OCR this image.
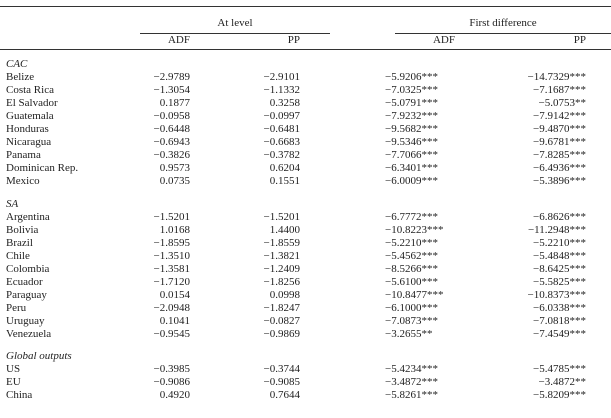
At level	First difference
ADF	PP	ADF	PP
CAC
Belize	−2.9789	−2.9101	−5.9206***	−14.7329***
Costa Rica	−1.3054	−1.1332	−7.0325***	−7.1687***
El Salvador	0.1877	0.3258	−5.0791***	−5.0753**
Guatemala	−0.0958	−0.0997	−7.9232***	−7.9142***
Honduras	−0.6448	−0.6481	−9.5682***	−9.4870***
Nicaragua	−0.6943	−0.6683	−9.5346***	−9.6781***
Panama	−0.3826	−0.3782	−7.7066***	−7.8285***
Dominican Rep.	0.9573	0.6204	−6.3401***	−6.4936***
Mexico	0.0735	0.1551	−6.0009***	−5.3896***
SA
Argentina	−1.5201	−1.5201	−6.7772***	−6.8626***
Bolivia	1.0168	1.4400	−10.8223***	−11.2948***
Brazil	−1.8595	−1.8559	−5.2210***	−5.2210***
Chile	−1.3510	−1.3821	−5.4562***	−5.4848***
Colombia	−1.3581	−1.2409	−8.5266***	−8.6425***
Ecuador	−1.7120	−1.8256	−5.6100***	−5.5825***
Paraguay	0.0154	0.0998	−10.8477***	−10.8373***
Peru	−2.0948	−1.8247	−6.1000***	−6.0338***
Uruguay	0.1041	−0.0827	−7.0873***	−7.0818***
Venezuela	−0.9545	−0.9869	−3.2655**	−7.4549***
Global outputs
US	−0.3985	−0.3744	−5.4234***	−5.4785***
EU	−0.9086	−0.9085	−3.4872***	−3.4872**
China	0.4920	0.7644	−5.8261***	−5.8209***
